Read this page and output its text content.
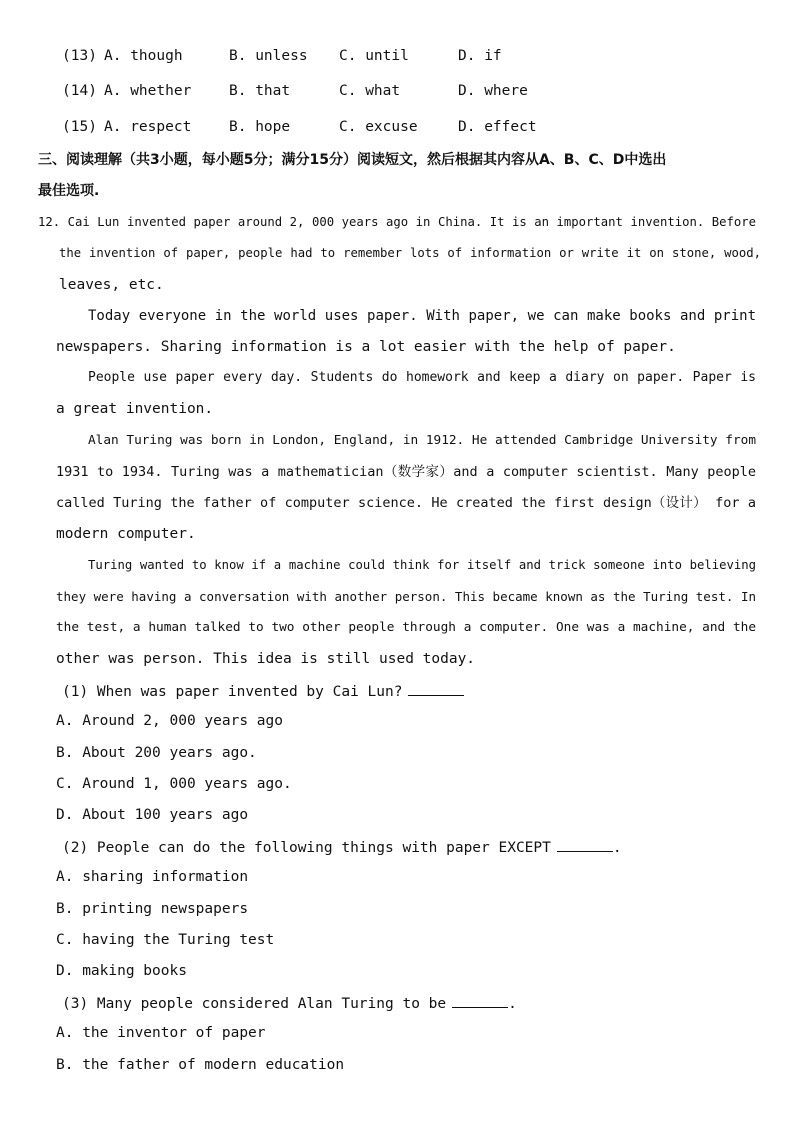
(13) A. though	B. unless C. until	D. if
(14) A. whether	B. that	C. what	D. where
(15) A. respect	B. hope	C. excuse	D. effect
三、阅读理解（共3小题，每小题5分；满分15分）阅读短文，然后根据其内容从A、B、C、D中选出
最佳选项.
12. Cai Lun invented paper around 2, 000 years ago in China. It is an important invention. Before
the invention of paper, people had to remember lots of information or write it on stone, wood,
leaves, etc.
Today everyone in the world uses paper. With paper, we can make books and print
newspapers. Sharing information is a lot easier with the help of paper.
People use paper every day. Students do homework and keep a diary on paper. Paper is
a great invention.
Alan Turing was born in London, England, in 1912. He attended Cambridge University from
1931 to 1934. Turing was a mathematician（数学家）and a computer scientist. Many people
called Turing the father of computer science. He created the first design（设计） for a
modern computer.
Turing wanted to know if a machine could think for itself and trick someone into believing
they were having a conversation with another person. This became known as the Turing test. In
the test, a human talked to two other people through a computer. One was a machine, and the
other was person. This idea is still used today.
(1) When was paper invented by Cai Lun?
A. Around 2, 000 years ago
B. About 200 years ago.
C. Around 1, 000 years ago.
D. About 100 years ago
(2) People can do the following things with paper EXCEPT	.
A. sharing information
B. printing newspapers
C. having the Turing test
D. making books
(3) Many people considered Alan Turing to be	.
A. the inventor of paper
B. the father of modern education
